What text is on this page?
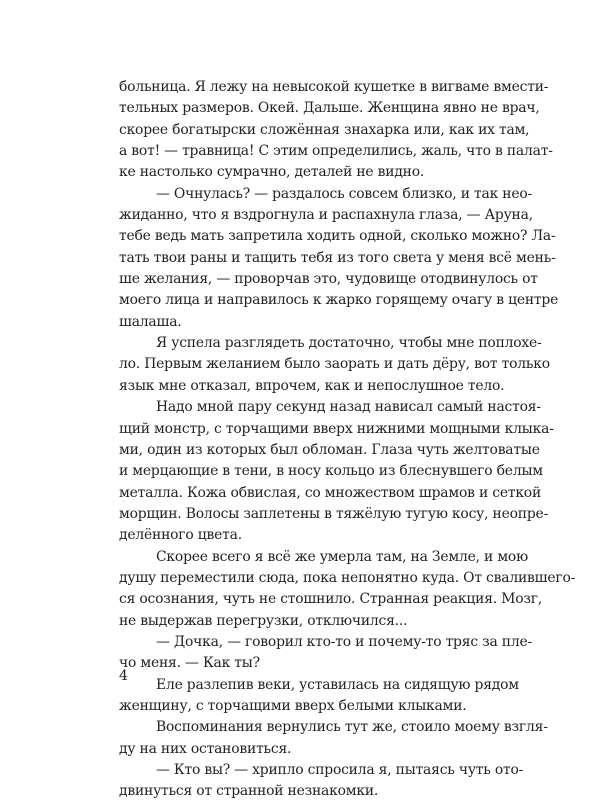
больница. Я лежу на невысокой кушетке в вигваме вмести-
тельных размеров. Окей. Дальше. Женщина явно не врач,
скорее богатырски сложённая знахарка или, как их там,
а вот! — травница! С этим определились, жаль, что в палат-
ке настолько сумрачно, деталей не видно.
— Очнулась? — раздалось совсем близко, и так нео-
жиданно, что я вздрогнула и распахнула глаза, — Аруна,
тебе ведь мать запретила ходить одной, сколько можно? Ла-
тать твои раны и тащить тебя из того света у меня всё мень-
ше желания, — проворчав это, чудовище отодвинулось от
моего лица и направилось к жарко горящему очагу в центре
шалаша.
Я успела разглядеть достаточно, чтобы мне поплохе-
ло. Первым желанием было заорать и дать дёру, вот только
язык мне отказал, впрочем, как и непослушное тело.
Надо мной пару секунд назад нависал самый настоя-
щий монстр, с торчащими вверх нижними мощными клыка-
ми, один из которых был обломан. Глаза чуть желтоватые
и мерцающие в тени, в носу кольцо из блеснувшего белым
металла. Кожа обвислая, со множеством шрамов и сеткой
морщин. Волосы заплетены в тяжёлую тугую косу, неопре-
делённого цвета.
Скорее всего я всё же умерла там, на Земле, и мою
душу переместили сюда, пока непонятно куда. От свалившего-
ся осознания, чуть не стошнило. Странная реакция. Мозг,
не выдержав перегрузки, отключился...
— Дочка, — говорил кто-то и почему-то тряс за пле-
чо меня. — Как ты?
Еле разлепив веки, уставилась на сидящую рядом
женщину, с торчащими вверх белыми клыками.
Воспоминания вернулись тут же, стоило моему взгля-
ду на них остановиться.
— Кто вы? — хрипло спросила я, пытаясь чуть ото-
двинуться от странной незнакомки.
4
